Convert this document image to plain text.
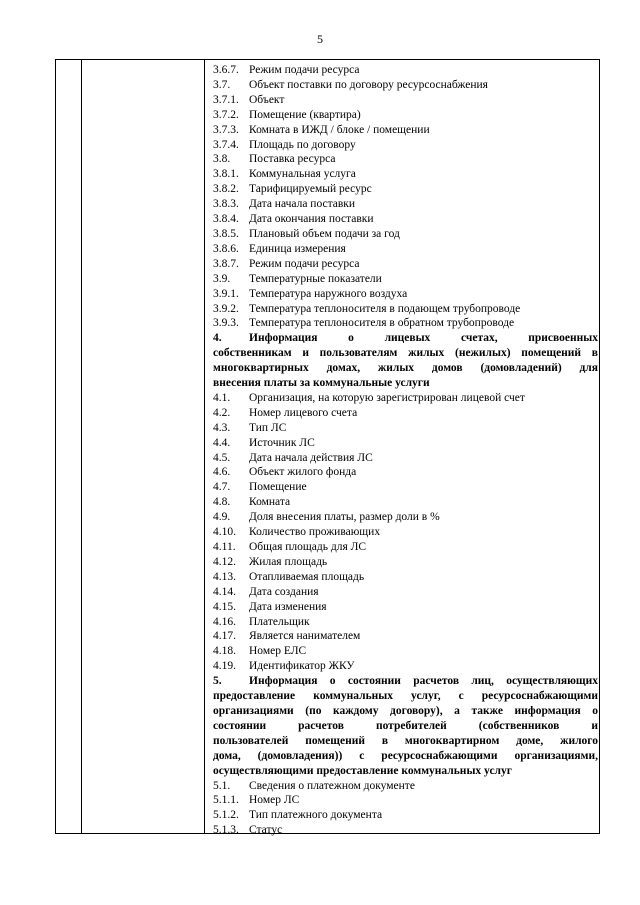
5
3.6.7. Режим подачи ресурса
3.7.	Объект поставки по договору ресурсоснабжения
3.7.1. Объект
3.7.2. Помещение (квартира)
3.7.3. Комната в ИЖД / блоке / помещении
3.7.4. Площадь по договору
3.8.	Поставка ресурса
3.8.1. Коммунальная услуга
3.8.2. Тарифицируемый ресурс
3.8.3. Дата начала поставки
3.8.4. Дата окончания поставки
3.8.5. Плановый объем подачи за год
3.8.6. Единица измерения
3.8.7. Режим подачи ресурса
3.9.	Температурные показатели
3.9.1. Температура наружного воздуха
3.9.2. Температура теплоносителя в подающем трубопроводе
3.9.3. Температура теплоносителя в обратном трубопроводе
4. Информация о лицевых счетах, присвоенных
собственникам и пользователям жилых (нежилых) помещений в
многоквартирных домах, жилых домов (домовладений) для
внесения платы за коммунальные услуги
4.1.	Организация, на которую зарегистрирован лицевой счет
4.2.	Номер лицевого счета
4.3.	Тип ЛС
4.4.	Источник ЛС
4.5.	Дата начала действия ЛС
4.6.	Объект жилого фонда
4.7.	Помещение
4.8.	Комната
4.9.	Доля внесения платы, размер доли в %
4.10.	Количество проживающих
4.11.	Общая площадь для ЛС
4.12.	Жилая площадь
4.13.	Отапливаемая площадь
4.14.	Дата создания
4.15.	Дата изменения
4.16.	Плательщик
4.17.	Является нанимателем
4.18.	Номер ЕЛС
4.19.	Идентификатор ЖКУ
5. Информация о состоянии расчетов лиц, осуществляющих
предоставление коммунальных услуг, с ресурсоснабжающими
организациями (по каждому договору), а также информация о
состоянии расчетов потребителей (собственников и
пользователей помещений в многоквартирном доме, жилого
дома, (домовладения)) с ресурсоснабжающими организациями,
осуществляющими предоставление коммунальных услуг
5.1.	Сведения о платежном документе
5.1.1. Номер ЛС
5.1.2. Тип платежного документа
5.1.3. Статус
